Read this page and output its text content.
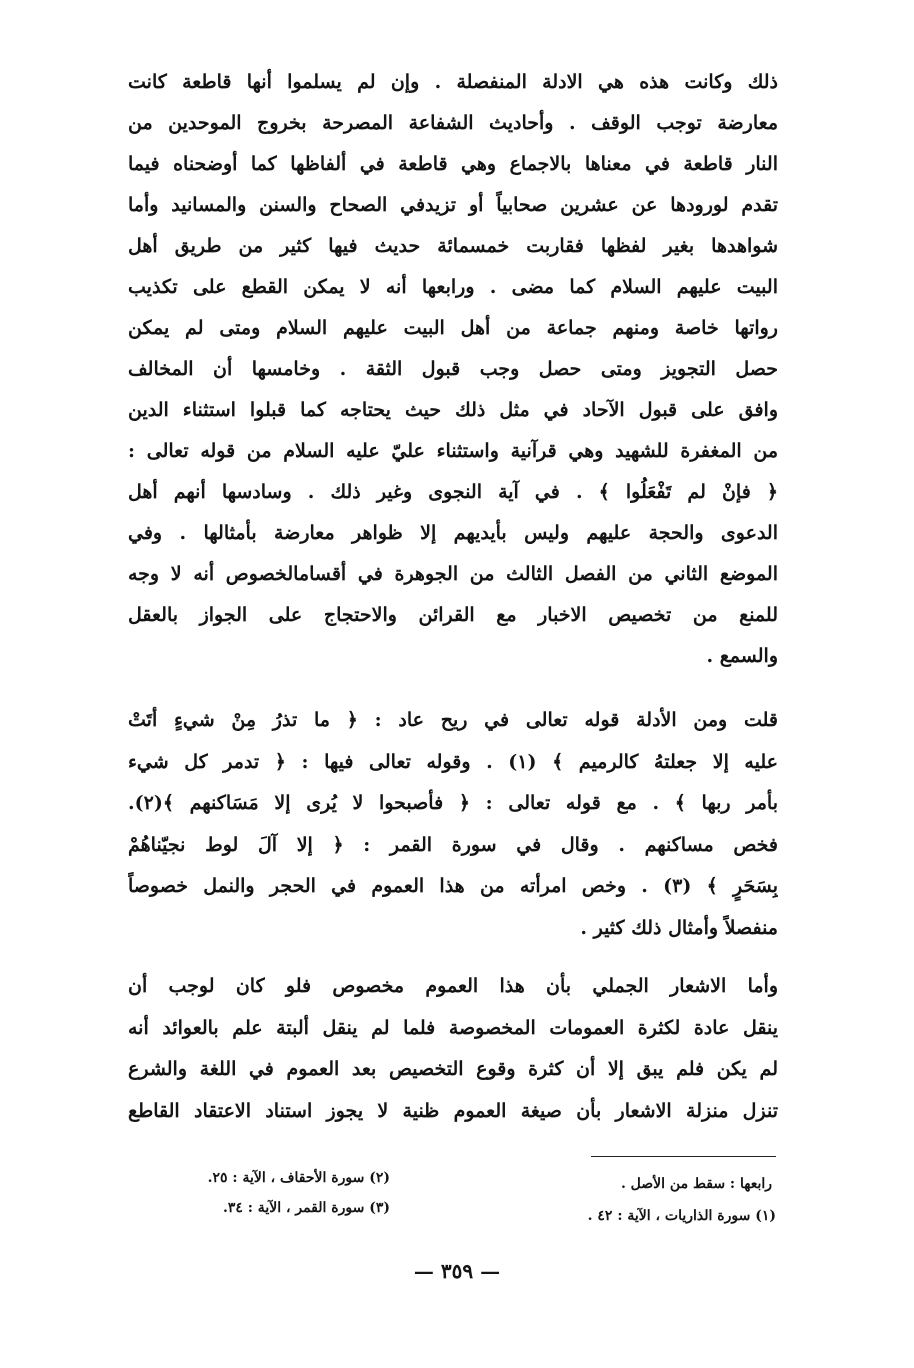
ذلك وكانت هذه هي الادلة المنفصلة . وإن لم يسلموا أنها قاطعة كانت
معارضة توجب الوقف . وأحاديث الشفاعة المصرحة بخروج الموحدين من
النار قاطعة في معناها بالاجماع وهي قاطعة في ألفاظها كما أوضحناه فيما
تقدم لورودها عن عشرين صحابياً أو تزيدفي الصحاح والسنن والمسانيد وأما
شواهدها بغير لفظها فقاربت خمسمائة حديث فيها كثير من طريق أهل
البيت عليهم السلام كما مضى . ورابعها أنه لا يمكن القطع على تكذيب
رواتها خاصة ومنهم جماعة من أهل البيت عليهم السلام ومتى لم يمكن
حصل التجويز ومتى حصل وجب قبول الثقة . وخامسها أن المخالف
وافق على قبول الآحاد في مثل ذلك حيث يحتاجه كما قبلوا استثناء الدين
من المغفرة للشهيد وهي قرآنية واستثناء عليّ عليه السلام من قوله تعالى :
﴿ فإنْ لم تَفْعَلُوا ﴾ . في آية النجوى وغير ذلك . وسادسها أنهم أهل
الدعوى والحجة عليهم وليس بأيديهم إلا ظواهر معارضة بأمثالها . وفي
الموضع الثاني من الفصل الثالث من الجوهرة في أقسامالخصوص أنه لا وجه
للمنع من تخصيص الاخبار مع القرائن والاحتجاج على الجواز بالعقل
والسمع .
قلت ومن الأدلة قوله تعالى في ريح عاد : ﴿ ما تذرُ مِنْ شيءٍ أتَتْ
عليه إلا جعلتهُ كالرميم ﴾ (١) . وقوله تعالى فيها : ﴿ تدمر كل شيء
بأمر ربها ﴾ . مع قوله تعالى : ﴿ فأصبحوا لا يُرى إلا مَسَاكنهم ﴾(٢).
فخص مساكنهم . وقال في سورة القمر : ﴿ إلا آلَ لوط نجيّناهُمْ
بِسَحَرٍ ﴾ (٣) . وخص امرأته من هذا العموم في الحجر والنمل خصوصاً
منفصلاً وأمثال ذلك كثير .
وأما الاشعار الجملي بأن هذا العموم مخصوص فلو كان لوجب أن
ينقل عادة لكثرة العمومات المخصوصة فلما لم ينقل ألبتة علم بالعوائد أنه
لم يكن فلم يبق إلا أن كثرة وقوع التخصيص بعد العموم في اللغة والشرع
تنزل منزلة الاشعار بأن صيغة العموم ظنية لا يجوز استناد الاعتقاد القاطع
رابعها : سقط من الأصل .
(١) سورة الذاريات ، الآية : ٤٢ .
(٢) سورة الأحقاف ، الآية : ٢٥.
(٣) سورة القمر ، الآية : ٣٤.
— ٣٥٩ —
